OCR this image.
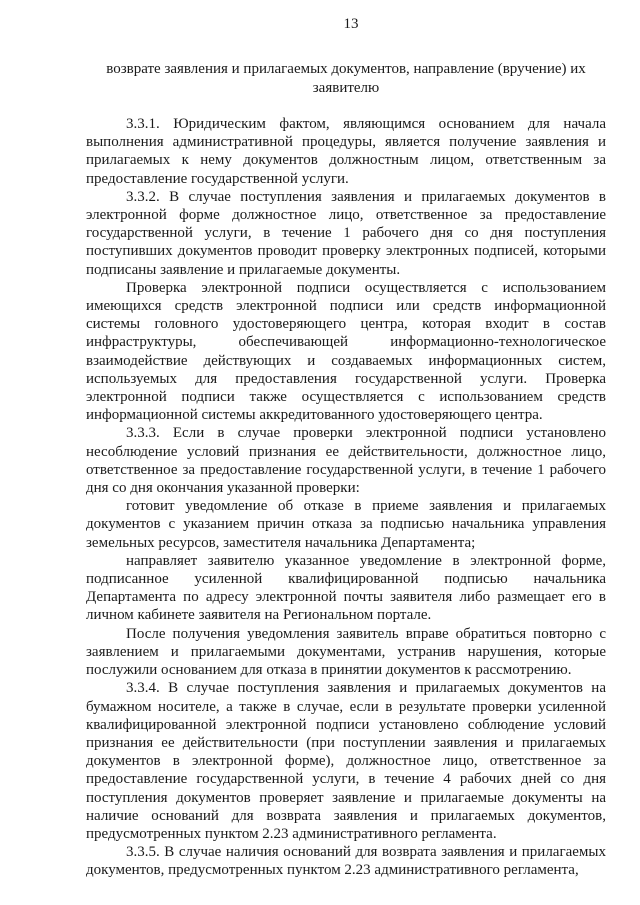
13
возврате заявления и прилагаемых документов, направление (вручение) их заявителю

3.3.1. Юридическим фактом, являющимся основанием для начала выполнения административной процедуры, является получение заявления и прилагаемых к нему документов должностным лицом, ответственным за предоставление государственной услуги.

3.3.2. В случае поступления заявления и прилагаемых документов в электронной форме должностное лицо, ответственное за предоставление государственной услуги, в течение 1 рабочего дня со дня поступления поступивших документов проводит проверку электронных подписей, которыми подписаны заявление и прилагаемые документы.

Проверка электронной подписи осуществляется с использованием имеющихся средств электронной подписи или средств информационной системы головного удостоверяющего центра, которая входит в состав инфраструктуры, обеспечивающей информационно-технологическое взаимодействие действующих и создаваемых информационных систем, используемых для предоставления государственной услуги. Проверка электронной подписи также осуществляется с использованием средств информационной системы аккредитованного удостоверяющего центра.

3.3.3. Если в случае проверки электронной подписи установлено несоблюдение условий признания ее действительности, должностное лицо, ответственное за предоставление государственной услуги, в течение 1 рабочего дня со дня окончания указанной проверки:

готовит уведомление об отказе в приеме заявления и прилагаемых документов с указанием причин отказа за подписью начальника управления земельных ресурсов, заместителя начальника Департамента;

направляет заявителю указанное уведомление в электронной форме, подписанное усиленной квалифицированной подписью начальника Департамента по адресу электронной почты заявителя либо размещает его в личном кабинете заявителя на Региональном портале.

После получения уведомления заявитель вправе обратиться повторно с заявлением и прилагаемыми документами, устранив нарушения, которые послужили основанием для отказа в принятии документов к рассмотрению.

3.3.4. В случае поступления заявления и прилагаемых документов на бумажном носителе, а также в случае, если в результате проверки усиленной квалифицированной электронной подписи установлено соблюдение условий признания ее действительности (при поступлении заявления и прилагаемых документов в электронной форме), должностное лицо, ответственное за предоставление государственной услуги, в течение 4 рабочих дней со дня поступления документов проверяет заявление и прилагаемые документы на наличие оснований для возврата заявления и прилагаемых документов, предусмотренных пунктом 2.23 административного регламента.

3.3.5. В случае наличия оснований для возврата заявления и прилагаемых документов, предусмотренных пунктом 2.23 административного регламента,
